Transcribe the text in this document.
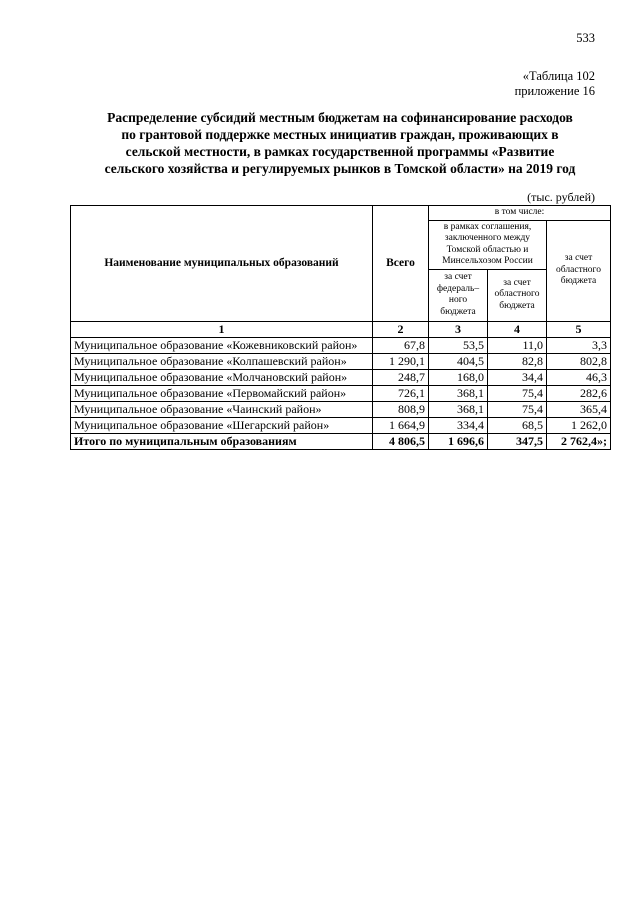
533
«Таблица 102
приложение 16
Распределение субсидий местным бюджетам на софинансирование расходов
по грантовой поддержке местных инициатив граждан, проживающих в
сельской местности, в рамках государственной программы «Развитие
сельского хозяйства и регулируемых рынков в Томской области» на 2019 год
(тыс. рублей)
Наименование муниципальных образований	Всего	в том числе:		
		в рамках соглашения, заключенного между Томской областью и Минсельхозом России		за счет областного бюджета
		за счет федераль–ного бюджета	за счет областного бюджета	
1	2	3	4	5
Муниципальное образование «Кожевниковский район»	67,8	53,5	11,0	3,3
Муниципальное образование «Колпашевский район»	1 290,1	404,5	82,8	802,8
Муниципальное образование «Молчановский район»	248,7	168,0	34,4	46,3
Муниципальное образование «Первомайский район»	726,1	368,1	75,4	282,6
Муниципальное образование «Чаинский район»	808,9	368,1	75,4	365,4
Муниципальное образование «Шегарский район»	1 664,9	334,4	68,5	1 262,0
Итого по муниципальным образованиям	4 806,5	1 696,6	347,5	2 762,4»;
